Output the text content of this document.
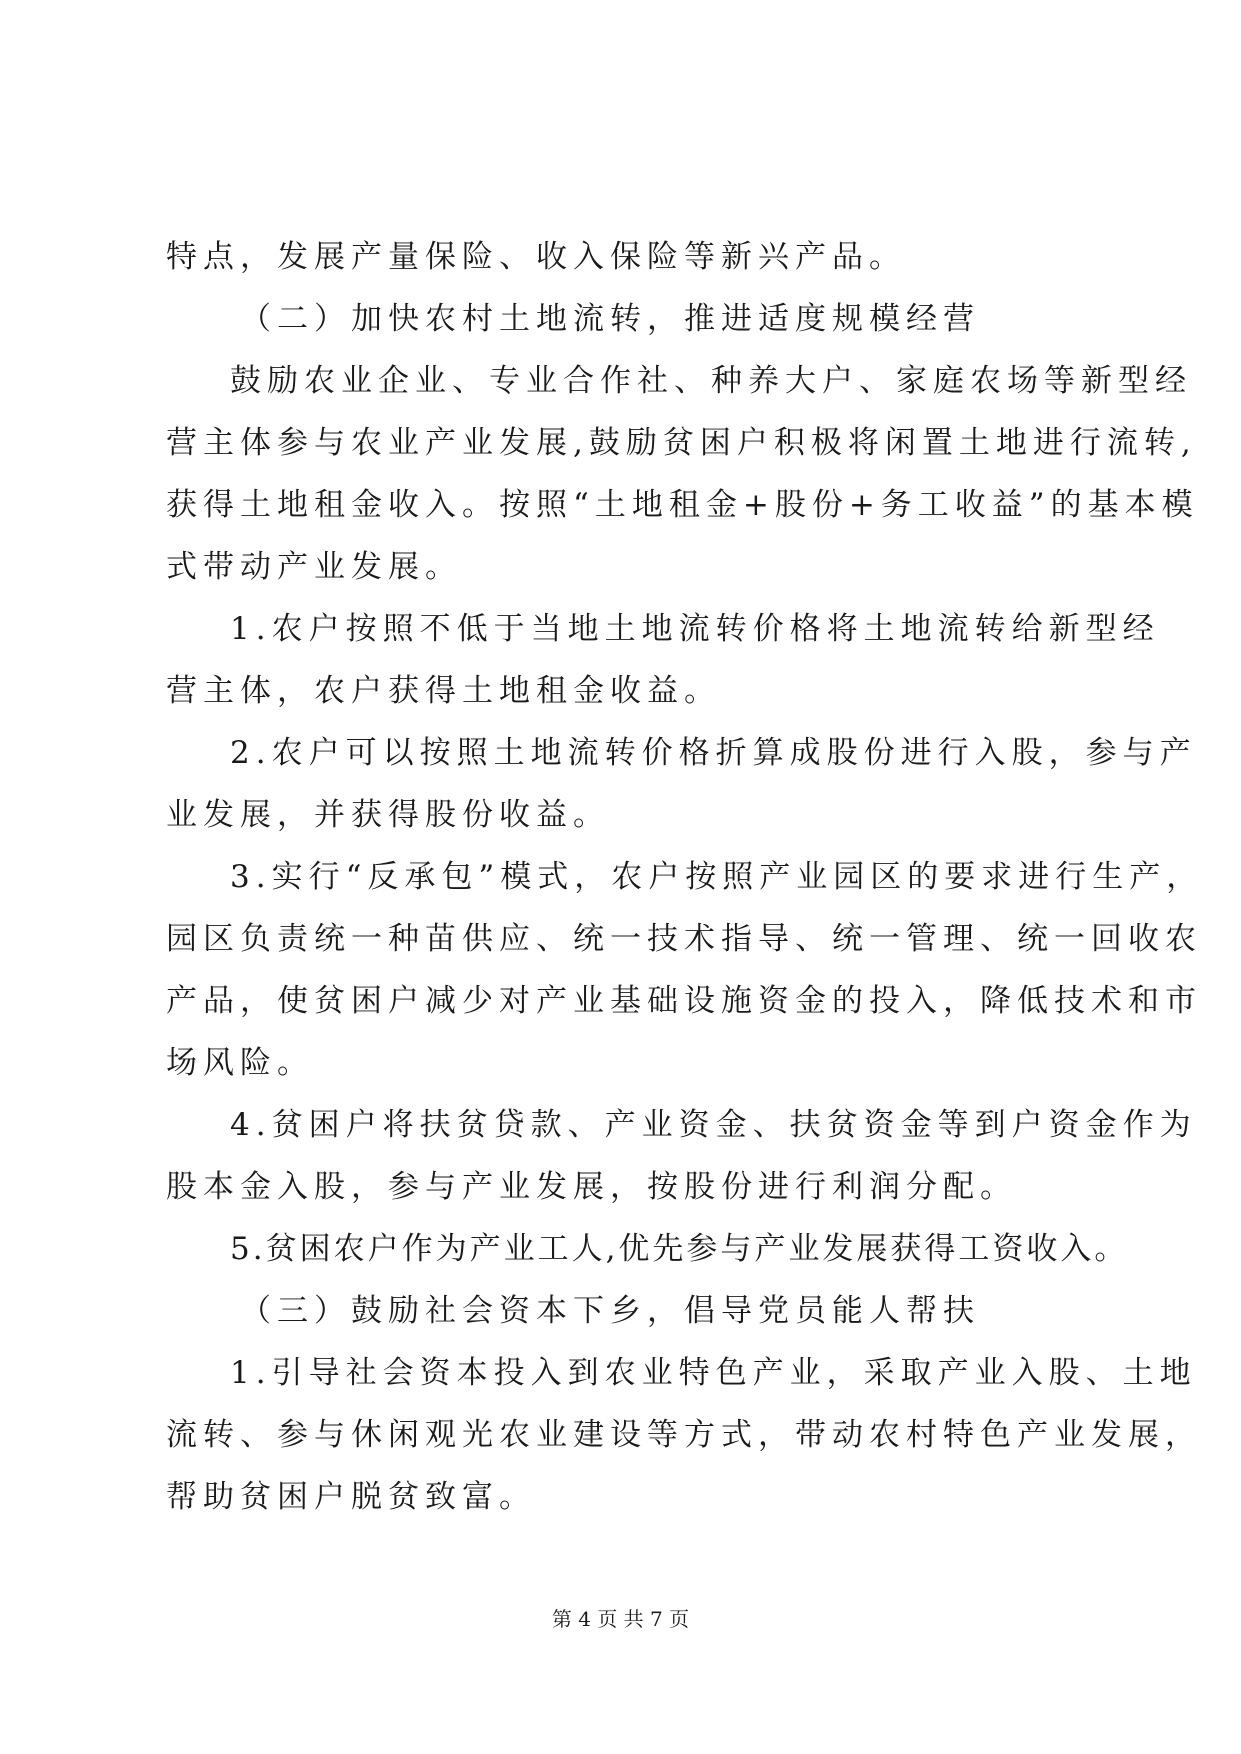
特点，发展产量保险、收入保险等新兴产品。
（二）加快农村土地流转，推进适度规模经营
鼓励农业企业、专业合作社、种养大户、家庭农场等新型经
营主体参与农业产业发展,鼓励贫困户积极将闲置土地进行流转,
获得土地租金收入。按照“土地租金+股份+务工收益”的基本模
式带动产业发展。
1.农户按照不低于当地土地流转价格将土地流转给新型经
营主体，农户获得土地租金收益。
2.农户可以按照土地流转价格折算成股份进行入股，参与产
业发展，并获得股份收益。
3.实行“反承包”模式，农户按照产业园区的要求进行生产，
园区负责统一种苗供应、统一技术指导、统一管理、统一回收农
产品，使贫困户减少对产业基础设施资金的投入，降低技术和市
场风险。
4.贫困户将扶贫贷款、产业资金、扶贫资金等到户资金作为
股本金入股，参与产业发展，按股份进行利润分配。
5.贫困农户作为产业工人,优先参与产业发展获得工资收入。
（三）鼓励社会资本下乡，倡导党员能人帮扶
1.引导社会资本投入到农业特色产业，采取产业入股、土地
流转、参与休闲观光农业建设等方式，带动农村特色产业发展，
帮助贫困户脱贫致富。
第 4 页 共 7 页
